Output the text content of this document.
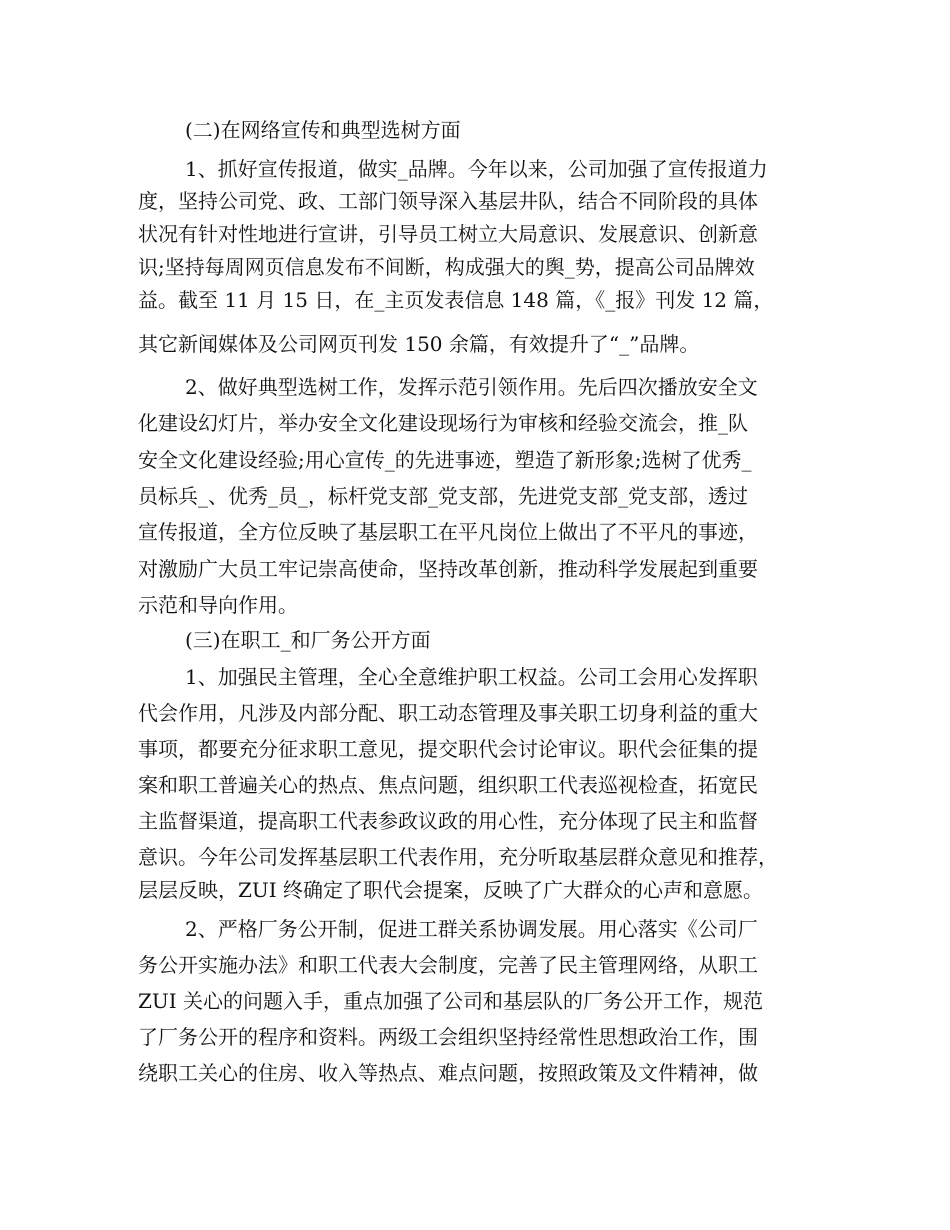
(二)在网络宣传和典型选树方面
1、抓好宣传报道，做实_品牌。今年以来，公司加强了宣传报道力
度，坚持公司党、政、工部门领导深入基层井队，结合不同阶段的具体
状况有针对性地进行宣讲，引导员工树立大局意识、发展意识、创新意
识;坚持每周网页信息发布不间断，构成强大的舆_势，提高公司品牌效
益。截至 11 月 15 日，在_主页发表信息 148 篇，《_报》刊发 12 篇，
其它新闻媒体及公司网页刊发 150 余篇，有效提升了“_”品牌。
2、做好典型选树工作，发挥示范引领作用。先后四次播放安全文
化建设幻灯片，举办安全文化建设现场行为审核和经验交流会，推_队
安全文化建设经验;用心宣传_的先进事迹，塑造了新形象;选树了优秀_
员标兵_、优秀_员_，标杆党支部_党支部，先进党支部_党支部，透过
宣传报道，全方位反映了基层职工在平凡岗位上做出了不平凡的事迹，
对激励广大员工牢记崇高使命，坚持改革创新，推动科学发展起到重要
示范和导向作用。
(三)在职工_和厂务公开方面
1、加强民主管理，全心全意维护职工权益。公司工会用心发挥职
代会作用，凡涉及内部分配、职工动态管理及事关职工切身利益的重大
事项，都要充分征求职工意见，提交职代会讨论审议。职代会征集的提
案和职工普遍关心的热点、焦点问题，组织职工代表巡视检查，拓宽民
主监督渠道，提高职工代表参政议政的用心性，充分体现了民主和监督
意识。今年公司发挥基层职工代表作用，充分听取基层群众意见和推荐，
层层反映，ZUI 终确定了职代会提案，反映了广大群众的心声和意愿。
2、严格厂务公开制，促进工群关系协调发展。用心落实《公司厂
务公开实施办法》和职工代表大会制度，完善了民主管理网络，从职工
ZUI 关心的问题入手，重点加强了公司和基层队的厂务公开工作，规范
了厂务公开的程序和资料。两级工会组织坚持经常性思想政治工作，围
绕职工关心的住房、收入等热点、难点问题，按照政策及文件精神，做
